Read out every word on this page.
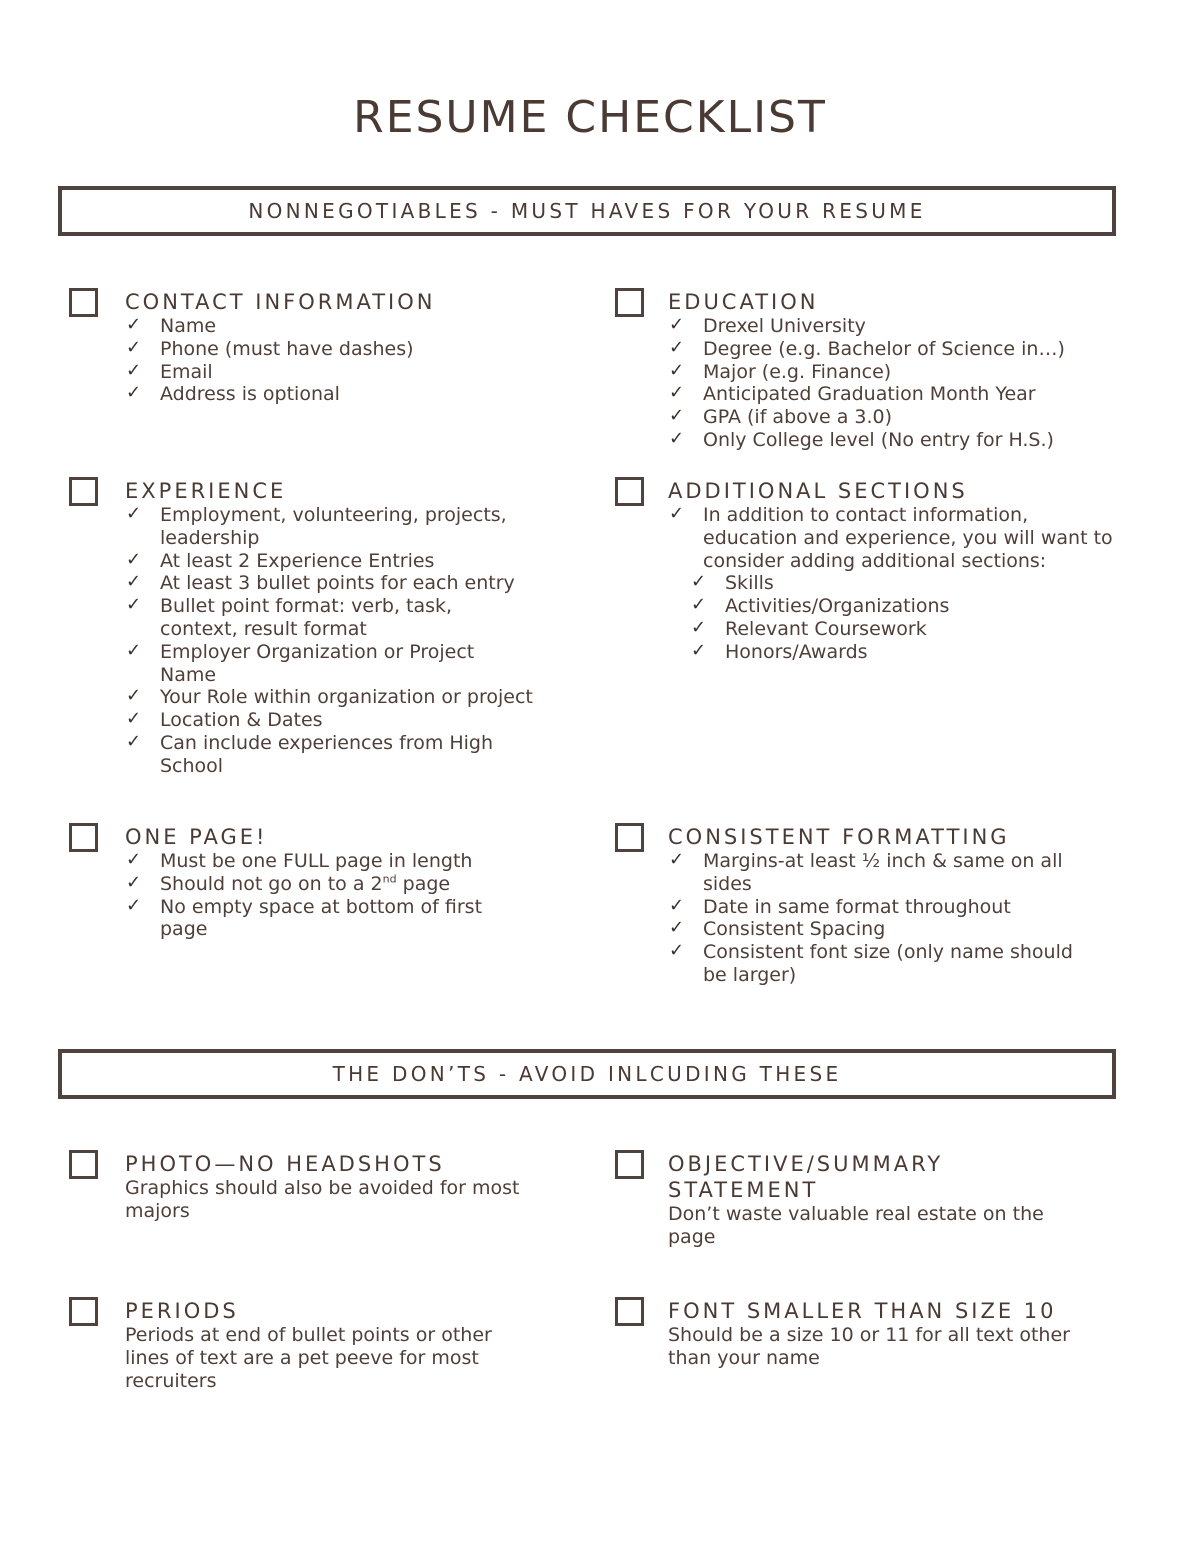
RESUME CHECKLIST
NONNEGOTIABLES - MUST HAVES FOR YOUR RESUME
CONTACT INFORMATION
✓ Name
✓ Phone (must have dashes)
✓ Email
✓ Address is optional
EDUCATION
✓ Drexel University
✓ Degree (e.g. Bachelor of Science in…)
✓ Major (e.g. Finance)
✓ Anticipated Graduation Month Year
✓ GPA (if above a 3.0)
✓ Only College level (No entry for H.S.)
EXPERIENCE
✓ Employment, volunteering, projects, leadership
✓ At least 2 Experience Entries
✓ At least 3 bullet points for each entry
✓ Bullet point format: verb, task, context, result format
✓ Employer Organization or Project Name
✓ Your Role within organization or project
✓ Location & Dates
✓ Can include experiences from High School
ADDITIONAL SECTIONS
✓ In addition to contact information, education and experience, you will want to consider adding additional sections:
✓ Skills
✓ Activities/Organizations
✓ Relevant Coursework
✓ Honors/Awards
ONE PAGE!
✓ Must be one FULL page in length
✓ Should not go on to a 2nd page
✓ No empty space at bottom of first page
CONSISTENT FORMATTING
✓ Margins-at least ½ inch & same on all sides
✓ Date in same format throughout
✓ Consistent Spacing
✓ Consistent font size (only name should be larger)
THE DON’TS - AVOID INLCUDING THESE
PHOTO—NO HEADSHOTS
Graphics should also be avoided for most majors
OBJECTIVE/SUMMARY STATEMENT
Don’t waste valuable real estate on the page
PERIODS
Periods at end of bullet points or other lines of text are a pet peeve for most recruiters
FONT SMALLER THAN SIZE 10
Should be a size 10 or 11 for all text other than your name
